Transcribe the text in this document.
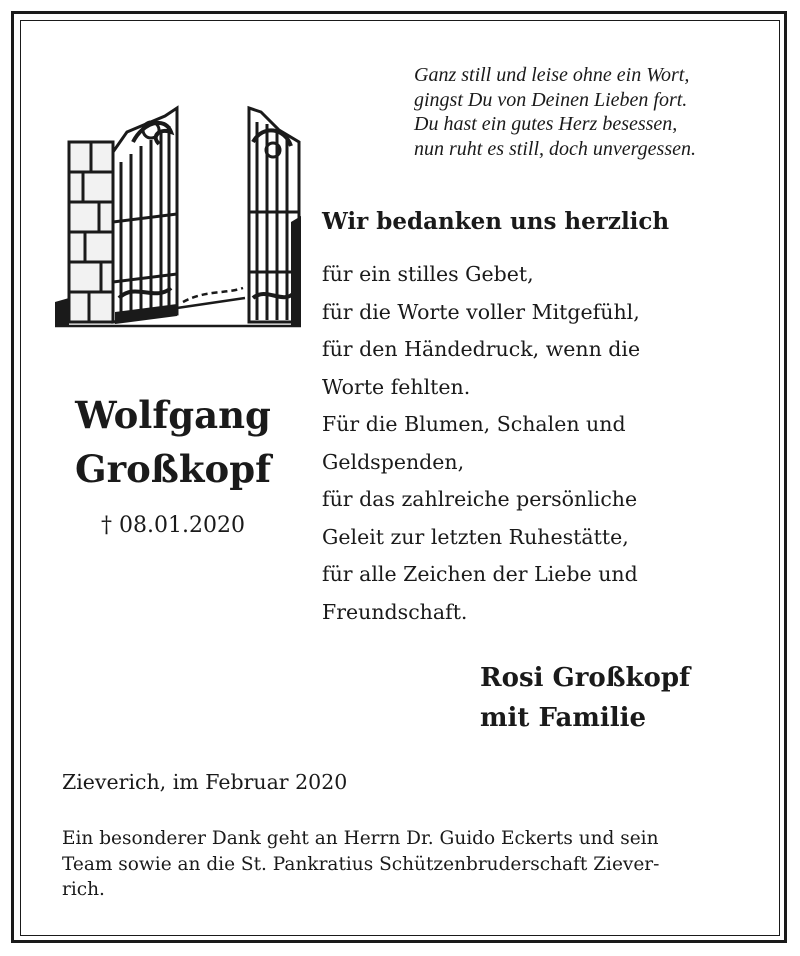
Ganz still und leise ohne ein Wort,
gingst Du von Deinen Lieben fort.
Du hast ein gutes Herz besessen,
nun ruht es still, doch unvergessen.
Wir bedanken uns herzlich
für ein stilles Gebet,
für die Worte voller Mitgefühl,
für den Händedruck, wenn die
Worte fehlten.
Für die Blumen, Schalen und
Geldspenden,
für das zahlreiche persönliche
Geleit zur letzten Ruhestätte,
für alle Zeichen der Liebe und
Freundschaft.
Wolfgang
Großkopf
† 08.01.2020
Rosi Großkopf
mit Familie
Zieverich, im Februar 2020
Ein besonderer Dank geht an Herrn Dr. Guido Eckerts und sein
Team sowie an die St. Pankratius Schützenbruderschaft Ziever-
rich.
